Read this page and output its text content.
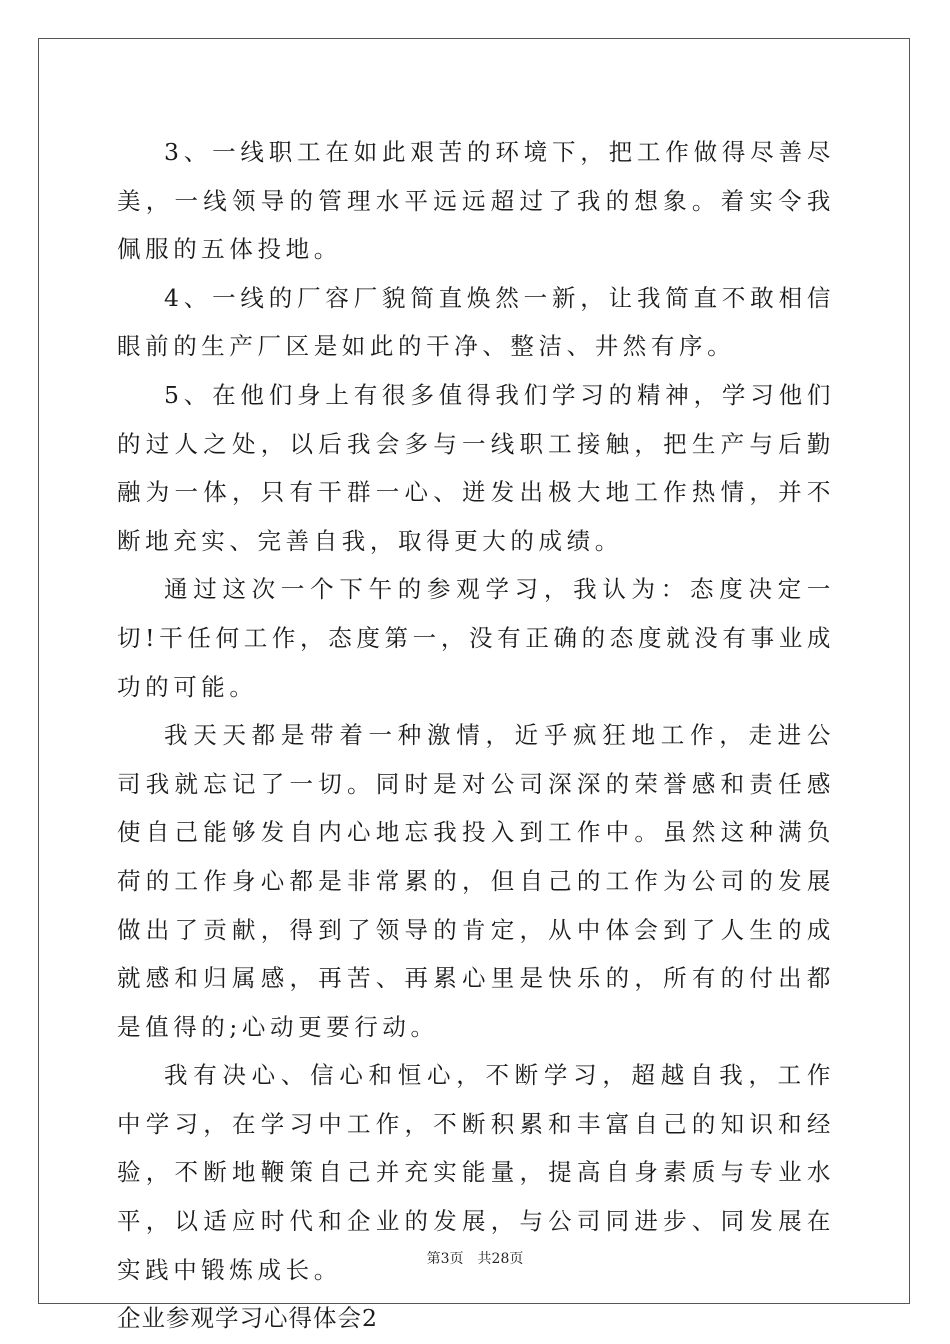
3、一线职工在如此艰苦的环境下，把工作做得尽善尽美，一线领导的管理水平远远超过了我的想象。着实令我佩服的五体投地。

4、一线的厂容厂貌简直焕然一新，让我简直不敢相信眼前的生产厂区是如此的干净、整洁、井然有序。

5、在他们身上有很多值得我们学习的精神，学习他们的过人之处，以后我会多与一线职工接触，把生产与后勤融为一体，只有干群一心、迸发出极大地工作热情，并不断地充实、完善自我，取得更大的成绩。

通过这次一个下午的参观学习，我认为：态度决定一切!干任何工作，态度第一，没有正确的态度就没有事业成功的可能。

我天天都是带着一种激情，近乎疯狂地工作，走进公司我就忘记了一切。同时是对公司深深的荣誉感和责任感使自己能够发自内心地忘我投入到工作中。虽然这种满负荷的工作身心都是非常累的，但自己的工作为公司的发展做出了贡献，得到了领导的肯定，从中体会到了人生的成就感和归属感，再苦、再累心里是快乐的，所有的付出都是值得的;心动更要行动。

我有决心、信心和恒心，不断学习，超越自我，工作中学习，在学习中工作，不断积累和丰富自己的知识和经验，不断地鞭策自己并充实能量，提高自身素质与专业水平，以适应时代和企业的发展，与公司同进步、同发展在实践中锻炼成长。

企业参观学习心得体会2

第3页 共28页
